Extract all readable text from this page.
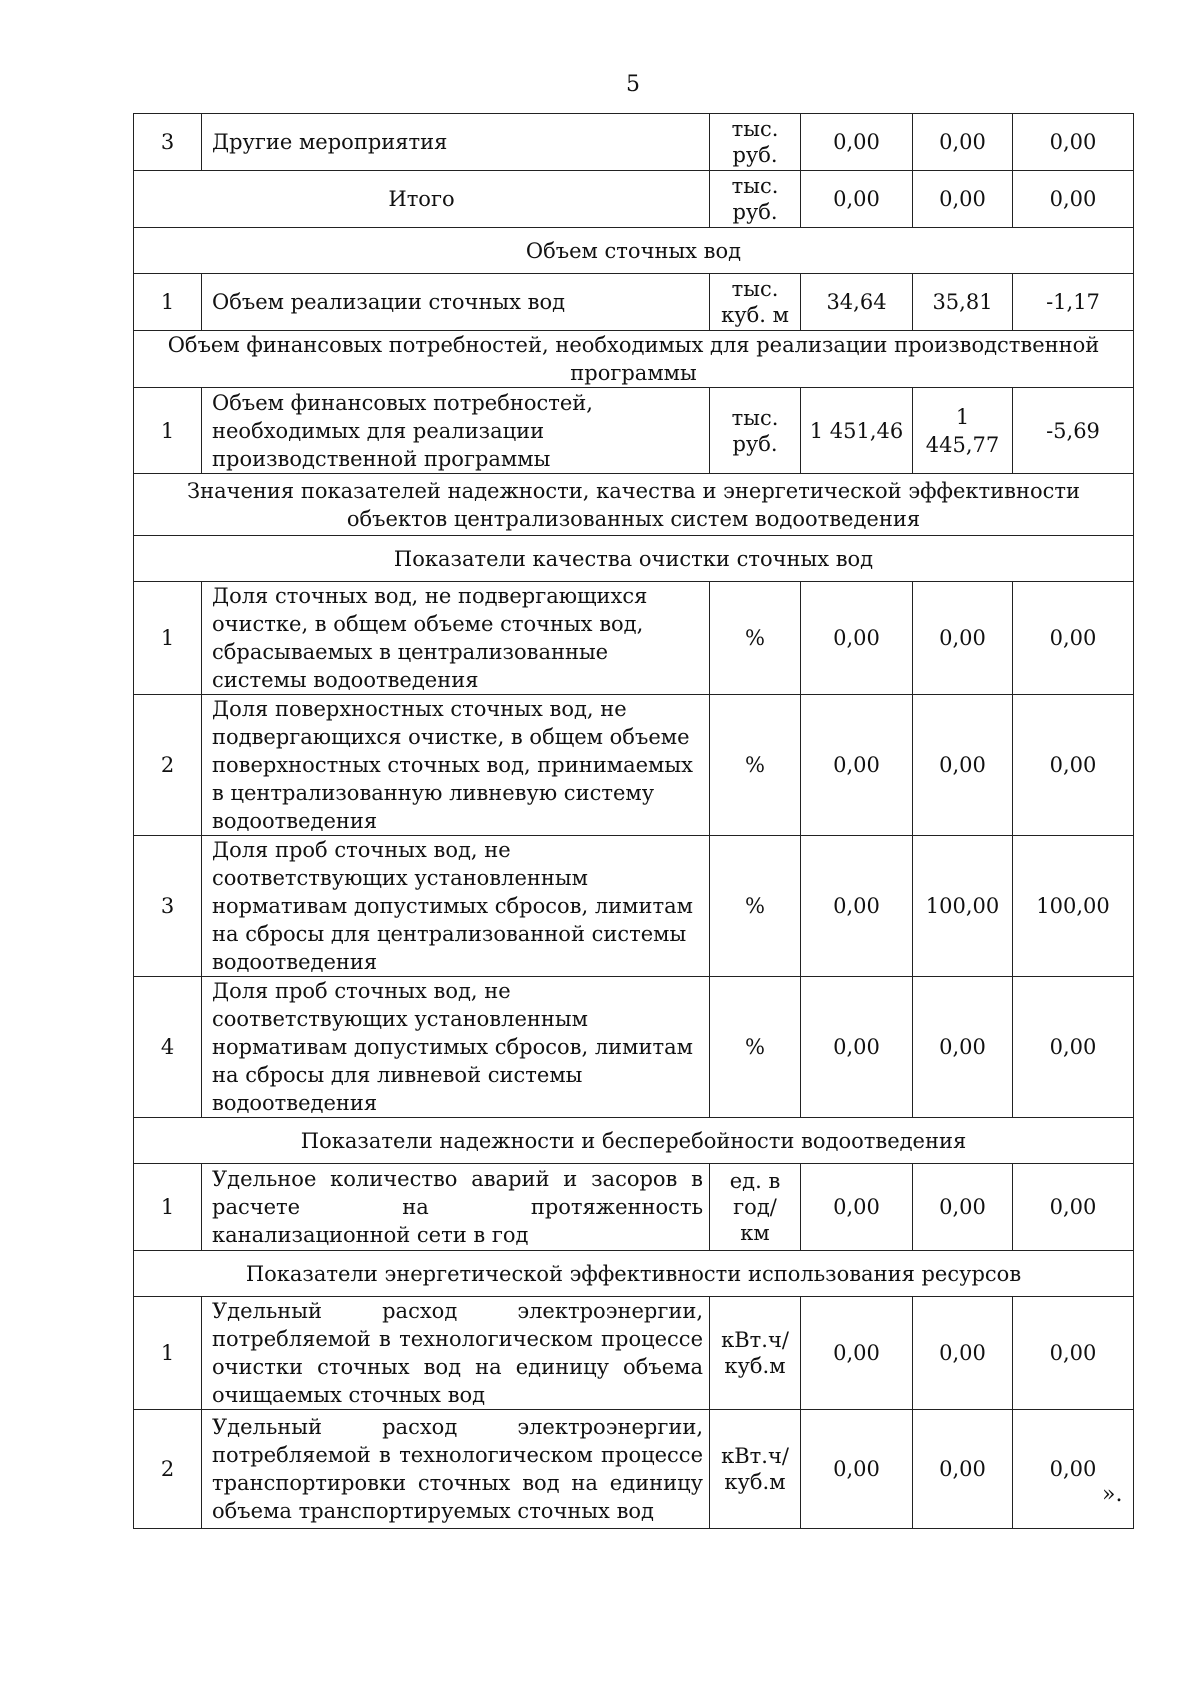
5
3	Другие мероприятия	тыс. руб.	0,00	0,00	0,00
Итого		тыс. руб.	0,00	0,00	0,00
Объем сточных вод					
1	Объем реализации сточных вод	тыс. куб. м	34,64	35,81	-1,17
Объем финансовых потребностей, необходимых для реализации производственной программы					
1	Объем финансовых потребностей, необходимых для реализации производственной программы	тыс. руб.	1 451,46	1 445,77	-5,69
Значения показателей надежности, качества и энергетической эффективности объектов централизованных систем водоотведения					
Показатели качества очистки сточных вод					
1	Доля сточных вод, не подвергающихся очистке, в общем объеме сточных вод, сбрасываемых в централизованные системы водоотведения	%	0,00	0,00	0,00
2	Доля поверхностных сточных вод, не подвергающихся очистке, в общем объеме поверхностных сточных вод, принимаемых в централизованную ливневую систему водоотведения	%	0,00	0,00	0,00
3	Доля проб сточных вод, не соответствующих установленным нормативам допустимых сбросов, лимитам на сбросы для централизованной системы водоотведения	%	0,00	100,00	100,00
4	Доля проб сточных вод, не соответствующих установленным нормативам допустимых сбросов, лимитам на сбросы для ливневой системы водоотведения	%	0,00	0,00	0,00
Показатели надежности и бесперебойности водоотведения					
1	Удельное количество аварий и засоров в расчете на протяженность канализационной сети в год	ед. в год/ км	0,00	0,00	0,00
Показатели энергетической эффективности использования ресурсов					
1	Удельный расход электроэнергии, потребляемой в технологическом процессе очистки сточных вод на единицу объема очищаемых сточных вод	кВт.ч/ куб.м	0,00	0,00	0,00
2	Удельный расход электроэнергии, потребляемой в технологическом процессе транспортировки сточных вод на единицу объема транспортируемых сточных вод	кВт.ч/ куб.м	0,00	0,00	0,00
».
